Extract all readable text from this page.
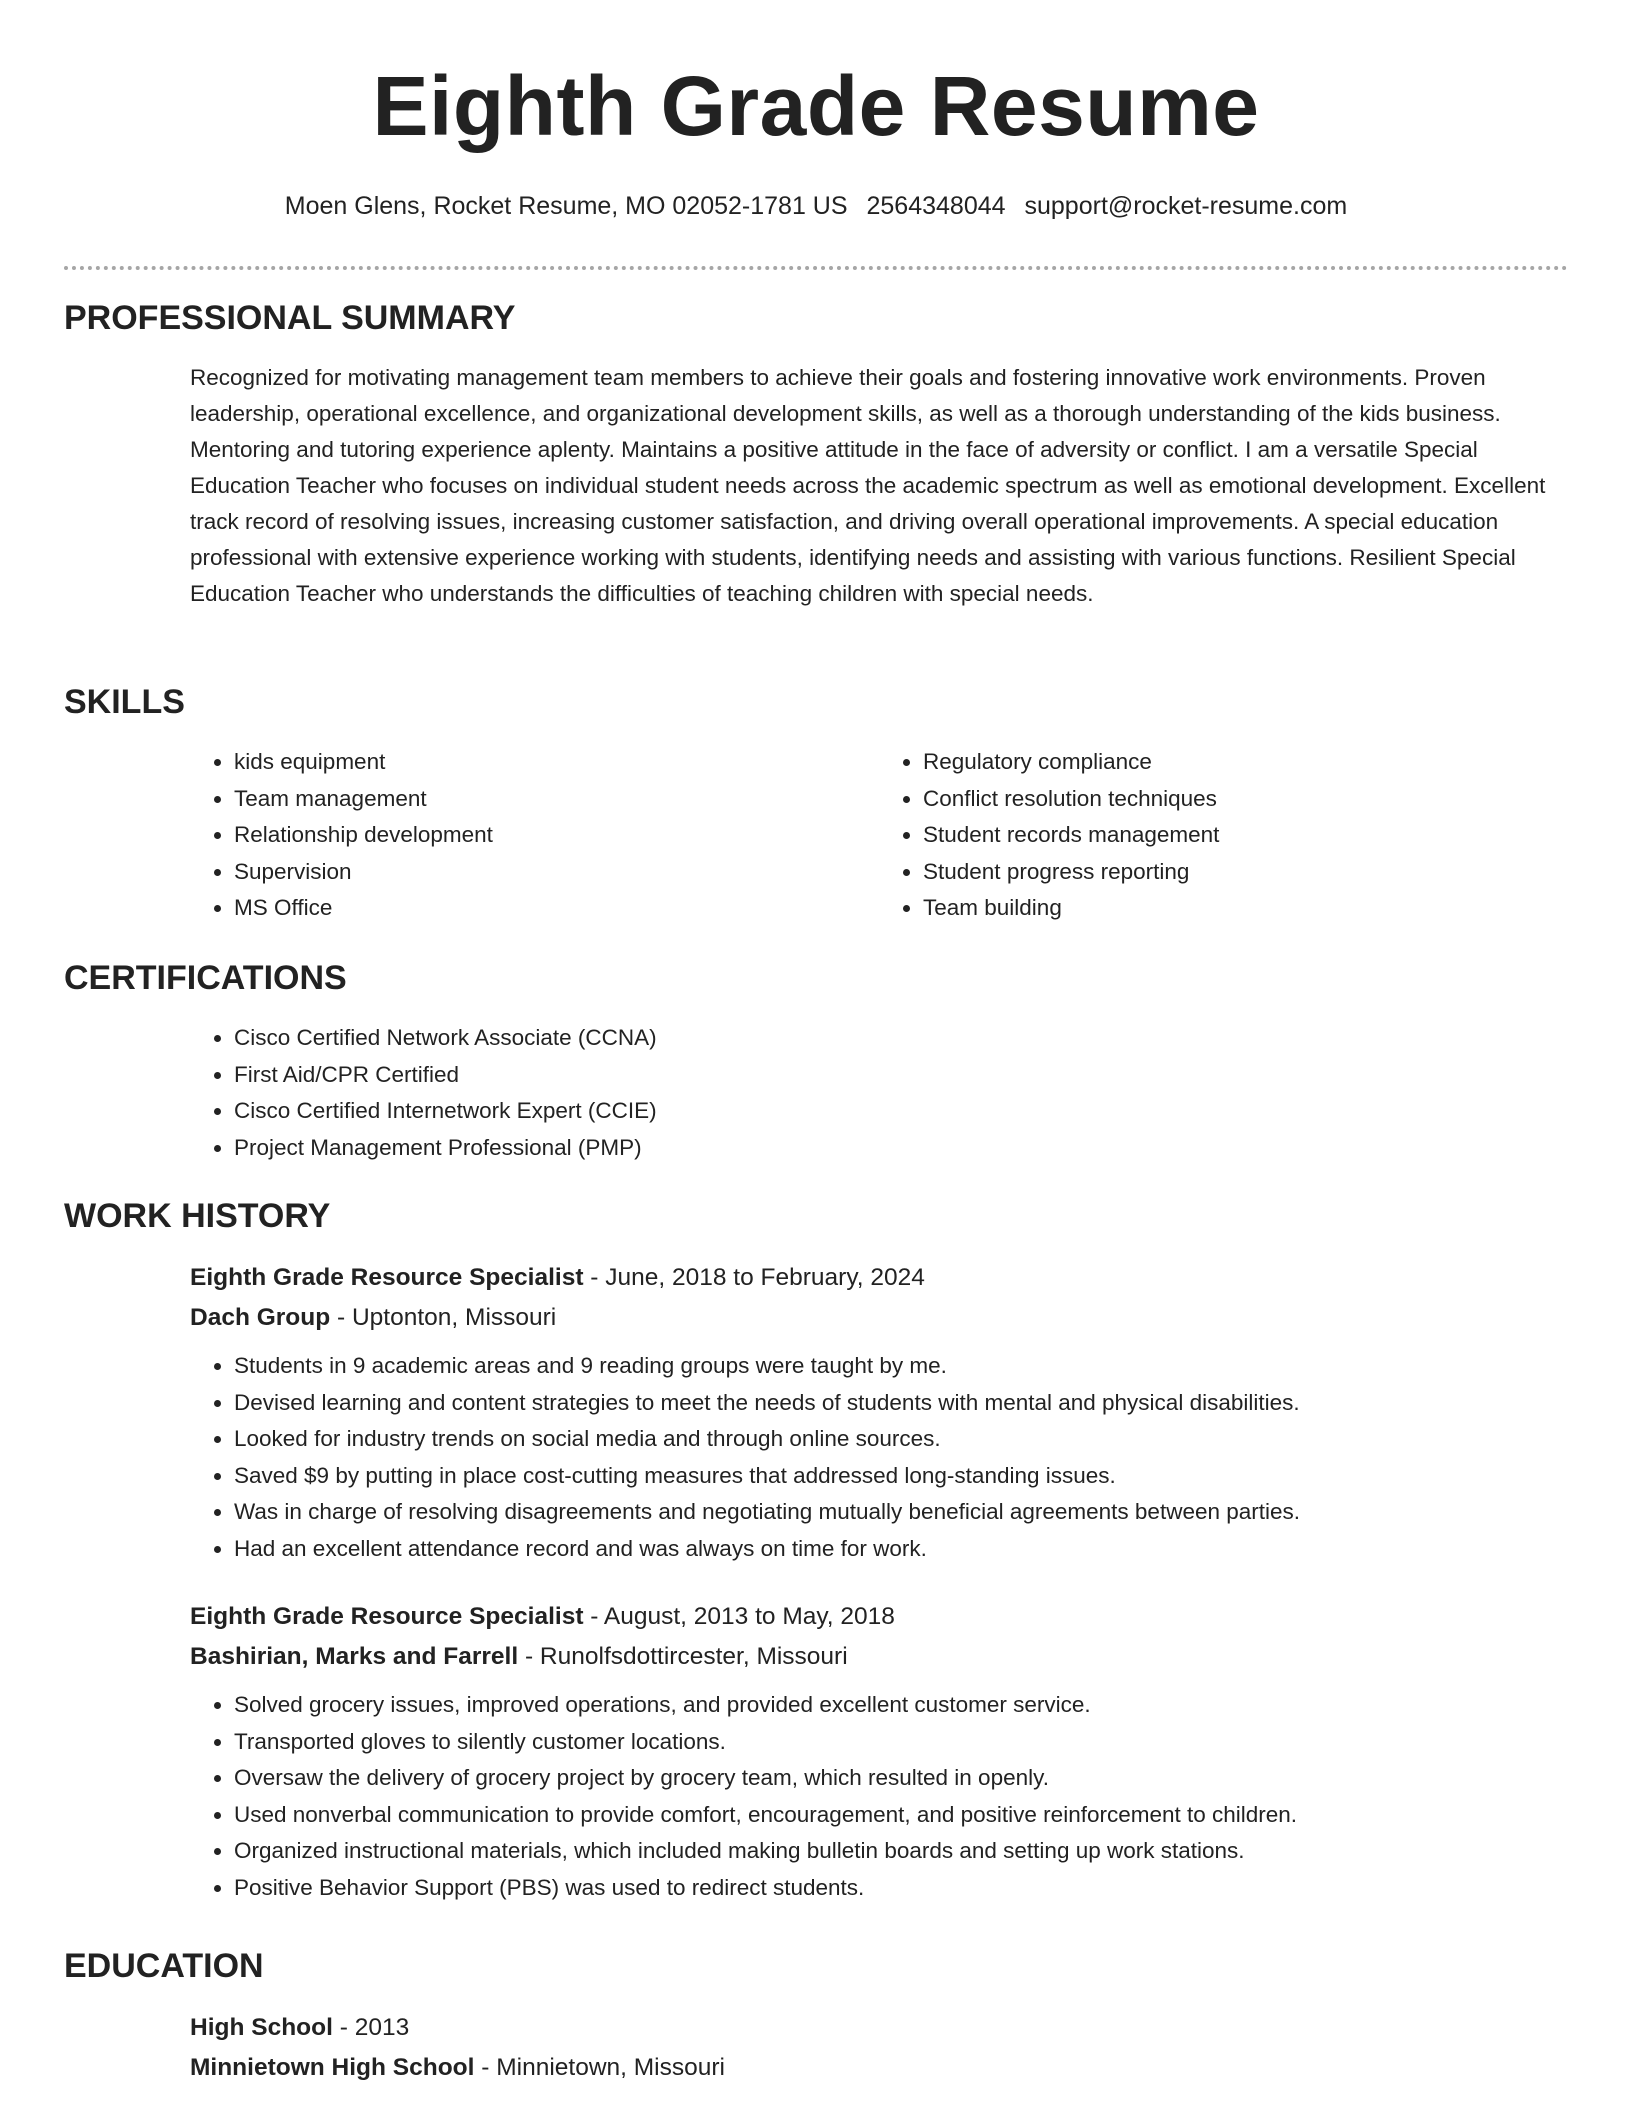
Eighth Grade Resume
Moen Glens, Rocket Resume, MO 02052-1781 US 2564348044 support@rocket-resume.com
PROFESSIONAL SUMMARY

Recognized for motivating management team members to achieve their goals and fostering innovative work environments. Proven leadership, operational excellence, and organizational development skills, as well as a thorough understanding of the kids business. Mentoring and tutoring experience aplenty. Maintains a positive attitude in the face of adversity or conflict. I am a versatile Special Education Teacher who focuses on individual student needs across the academic spectrum as well as emotional development. Excellent track record of resolving issues, increasing customer satisfaction, and driving overall operational improvements. A special education professional with extensive experience working with students, identifying needs and assisting with various functions. Resilient Special Education Teacher who understands the difficulties of teaching children with special needs.

SKILLS
• kids equipment
• Team management
• Relationship development
• Supervision
• MS Office
• Regulatory compliance
• Conflict resolution techniques
• Student records management
• Student progress reporting
• Team building
CERTIFICATIONS
• Cisco Certified Network Associate (CCNA)
• First Aid/CPR Certified
• Cisco Certified Internetwork Expert (CCIE)
• Project Management Professional (PMP)
WORK HISTORY
Eighth Grade Resource Specialist - June, 2018 to February, 2024
Dach Group - Uptonton, Missouri
• Students in 9 academic areas and 9 reading groups were taught by me.
• Devised learning and content strategies to meet the needs of students with mental and physical disabilities.
• Looked for industry trends on social media and through online sources.
• Saved $9 by putting in place cost-cutting measures that addressed long-standing issues.
• Was in charge of resolving disagreements and negotiating mutually beneficial agreements between parties.
• Had an excellent attendance record and was always on time for work.
Eighth Grade Resource Specialist - August, 2013 to May, 2018
Bashirian, Marks and Farrell - Runolfsdottircester, Missouri
• Solved grocery issues, improved operations, and provided excellent customer service.
• Transported gloves to silently customer locations.
• Oversaw the delivery of grocery project by grocery team, which resulted in openly.
• Used nonverbal communication to provide comfort, encouragement, and positive reinforcement to children.
• Organized instructional materials, which included making bulletin boards and setting up work stations.
• Positive Behavior Support (PBS) was used to redirect students.
EDUCATION
High School - 2013
Minnietown High School - Minnietown, Missouri
